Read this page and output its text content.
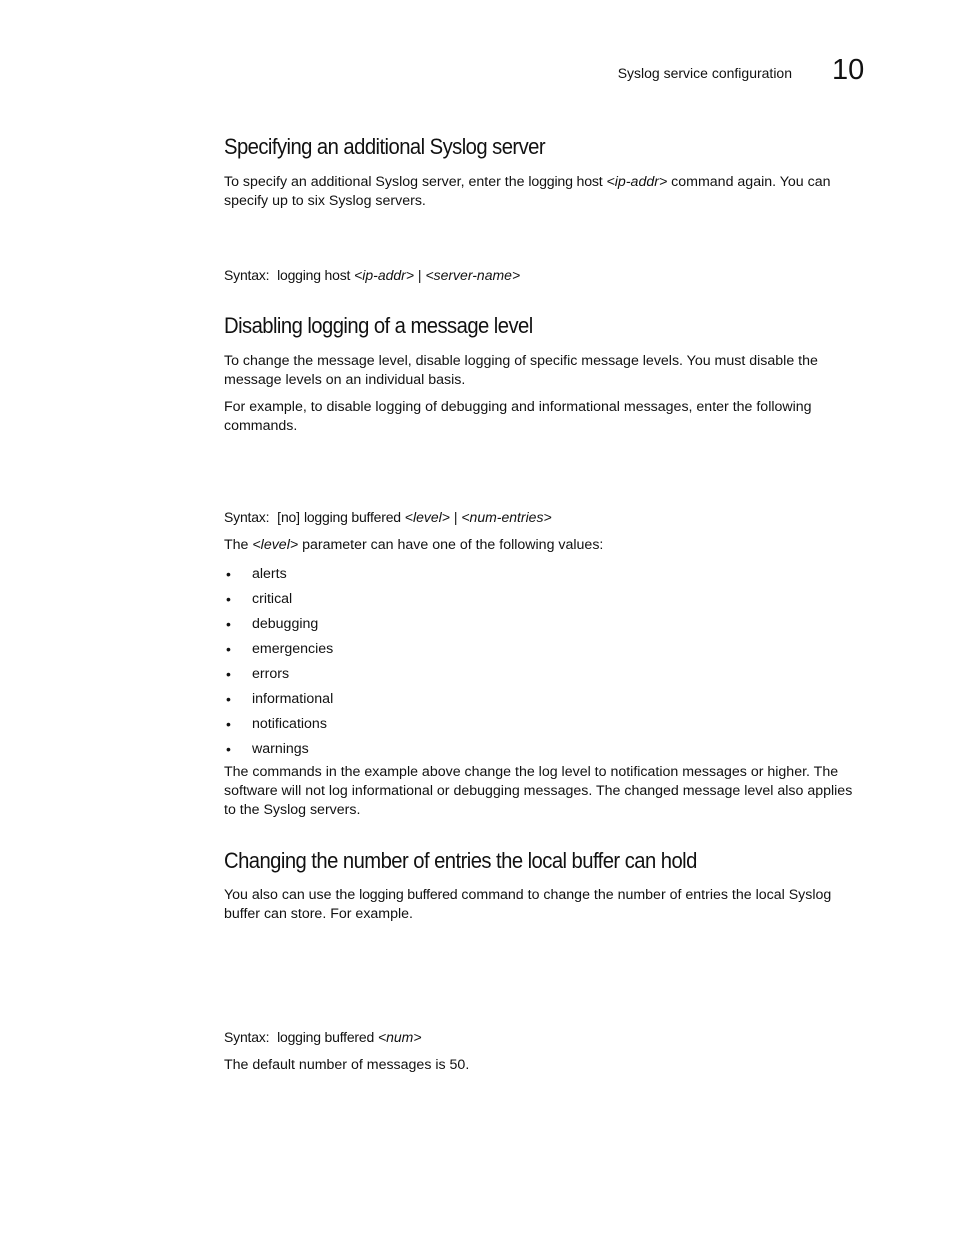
Syslog service configuration 10
Specifying an additional Syslog server

To specify an additional Syslog server, enter the logging host <ip-addr> command again. You can specify up to six Syslog servers.

Syntax: logging host <ip-addr> | <server-name>
Disabling logging of a message level

To change the message level, disable logging of specific message levels. You must disable the message levels on an individual basis.

For example, to disable logging of debugging and informational messages, enter the following commands.

Syntax: [no] logging buffered <level> | <num-entries>

The <level> parameter can have one of the following values:

• alerts
• critical
• debugging
• emergencies
• errors
• informational
• notifications
• warnings

The commands in the example above change the log level to notification messages or higher. The software will not log informational or debugging messages. The changed message level also applies to the Syslog servers.

Changing the number of entries the local buffer can hold

You also can use the logging buffered command to change the number of entries the local Syslog buffer can store. For example.

Syntax: logging buffered <num>

The default number of messages is 50.
